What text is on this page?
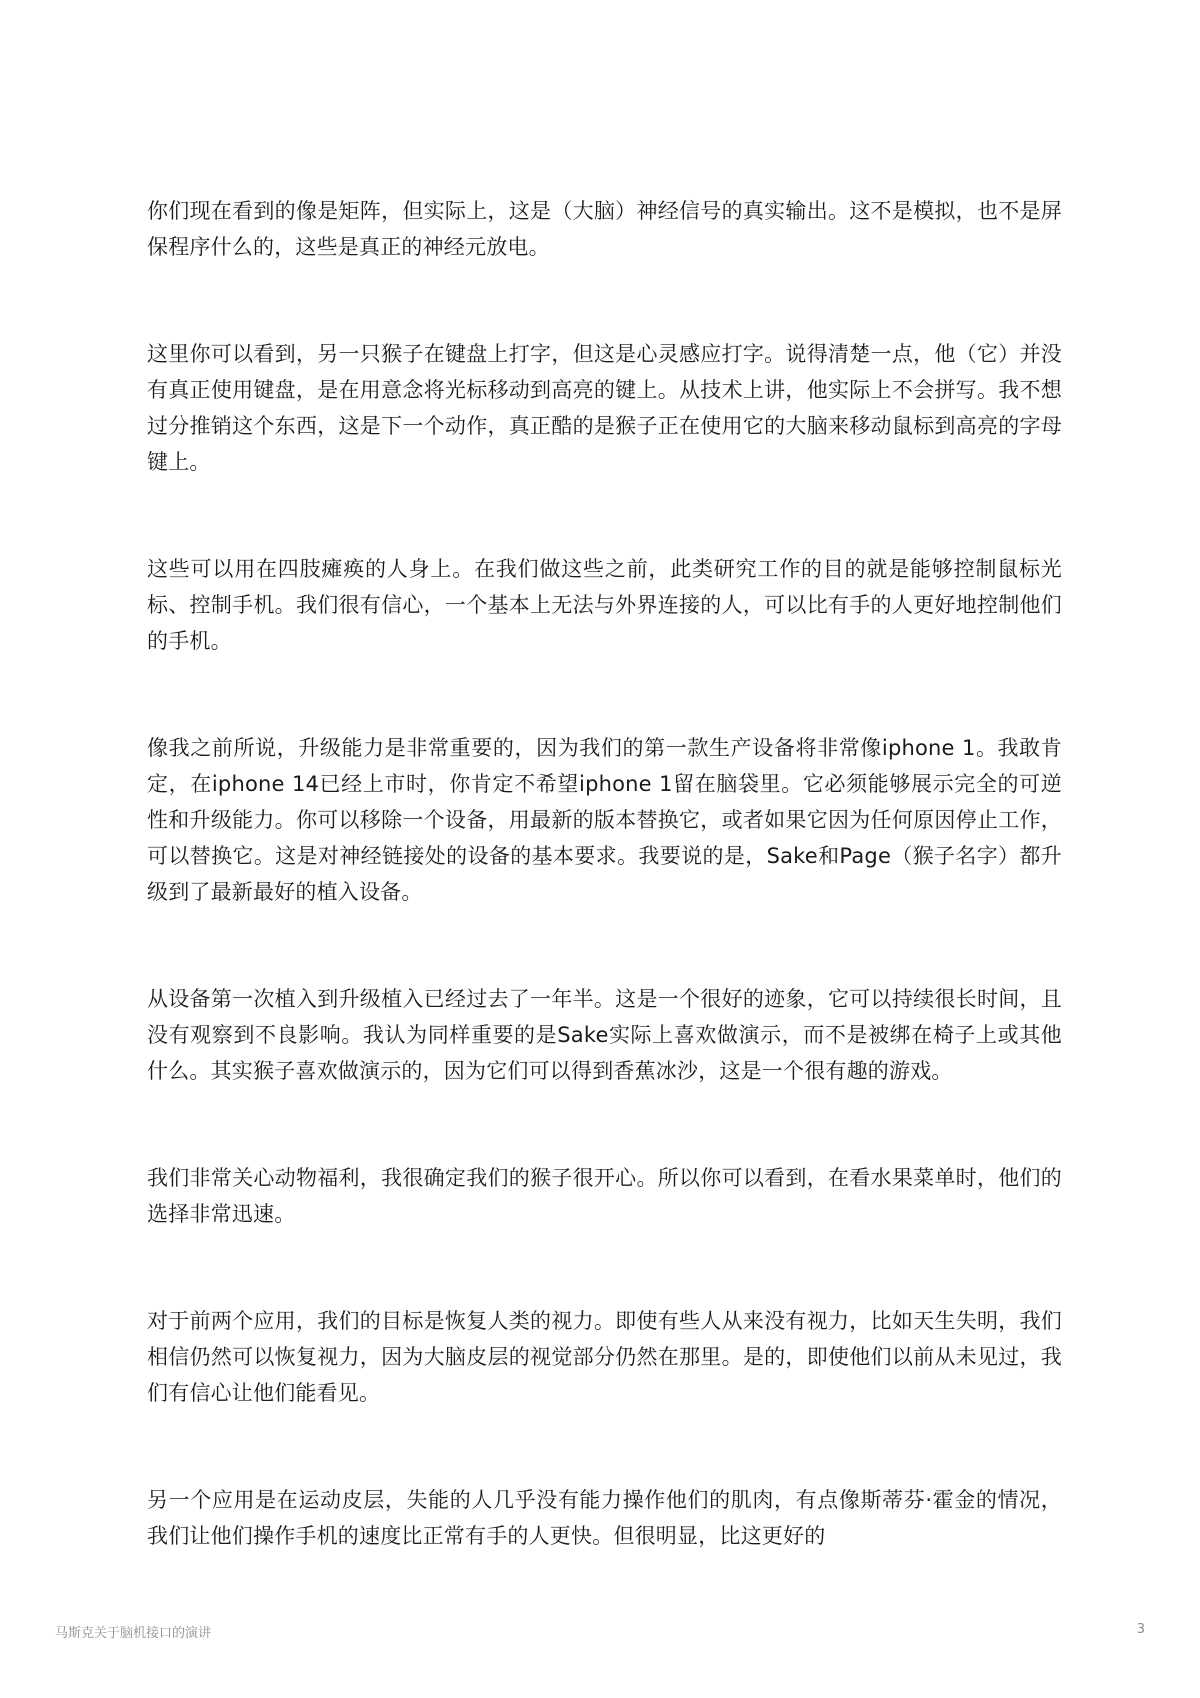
你们现在看到的像是矩阵，但实际上，这是（大脑）神经信号的真实输出。这不是模拟，也不是屏保程序什么的，这些是真正的神经元放电。

这里你可以看到，另一只猴子在键盘上打字，但这是心灵感应打字。说得清楚一点，他（它）并没有真正使用键盘，是在用意念将光标移动到高亮的键上。从技术上讲，他实际上不会拼写。我不想过分推销这个东西，这是下一个动作，真正酷的是猴子正在使用它的大脑来移动鼠标到高亮的字母键上。

这些可以用在四肢瘫痪的人身上。在我们做这些之前，此类研究工作的目的就是能够控制鼠标光标、控制手机。我们很有信心，一个基本上无法与外界连接的人，可以比有手的人更好地控制他们的手机。

像我之前所说，升级能力是非常重要的，因为我们的第一款生产设备将非常像iphone 1。我敢肯定，在iphone 14已经上市时，你肯定不希望iphone 1留在脑袋里。它必须能够展示完全的可逆性和升级能力。你可以移除一个设备，用最新的版本替换它，或者如果它因为任何原因停止工作，可以替换它。这是对神经链接处的设备的基本要求。我要说的是，Sake和Page（猴子名字）都升级到了最新最好的植入设备。

从设备第一次植入到升级植入已经过去了一年半。这是一个很好的迹象，它可以持续很长时间，且没有观察到不良影响。我认为同样重要的是Sake实际上喜欢做演示，而不是被绑在椅子上或其他什么。其实猴子喜欢做演示的，因为它们可以得到香蕉冰沙，这是一个很有趣的游戏。

我们非常关心动物福利，我很确定我们的猴子很开心。所以你可以看到，在看水果菜单时，他们的选择非常迅速。

对于前两个应用，我们的目标是恢复人类的视力。即使有些人从来没有视力，比如天生失明，我们相信仍然可以恢复视力，因为大脑皮层的视觉部分仍然在那里。是的，即使他们以前从未见过，我们有信心让他们能看见。

另一个应用是在运动皮层，失能的人几乎没有能力操作他们的肌肉，有点像斯蒂芬·霍金的情况，我们让他们操作手机的速度比正常有手的人更快。但很明显，比这更好的

马斯克关于脑机接口的演讲	3
